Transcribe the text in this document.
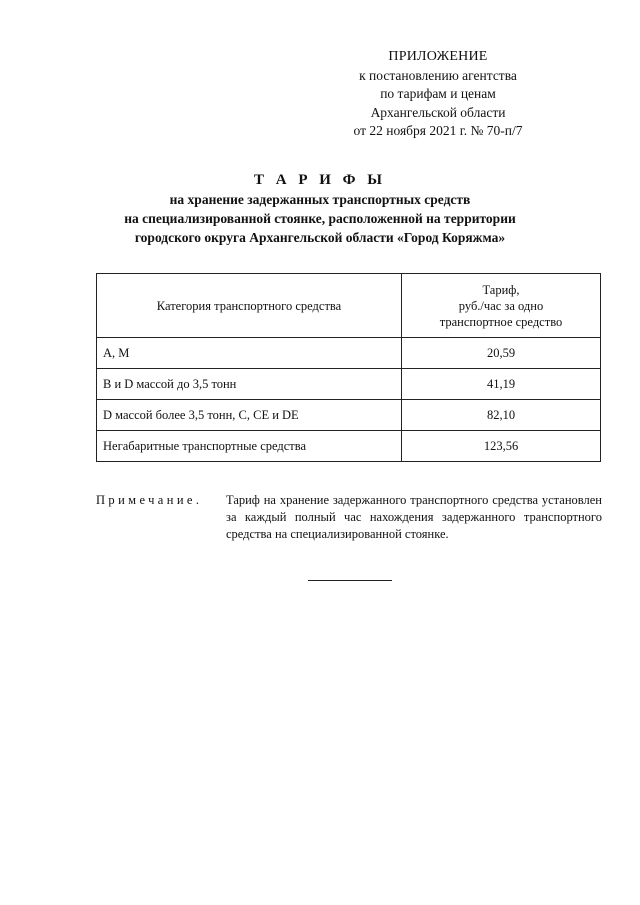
ПРИЛОЖЕНИЕ
к постановлению агентства
по тарифам и ценам
Архангельской области
от 22 ноября 2021 г. № 70-п/7
Т А Р И Ф Ы
на хранение задержанных транспортных средств
на специализированной стоянке, расположенной на территории
городского округа Архангельской области «Город Коряжма»
Категория транспортного средства	Тариф,
руб./час за одно
транспортное средство

А, М	20,59
В и D массой до 3,5 тонн	41,19
D массой более 3,5 тонн, С, СЕ и DE	82,10
Негабаритные транспортные средства	123,56
Примечание. Тариф на хранение задержанного транспортного средства установлен за каждый полный час нахождения задержанного транспортного средства на специализированной стоянке.
